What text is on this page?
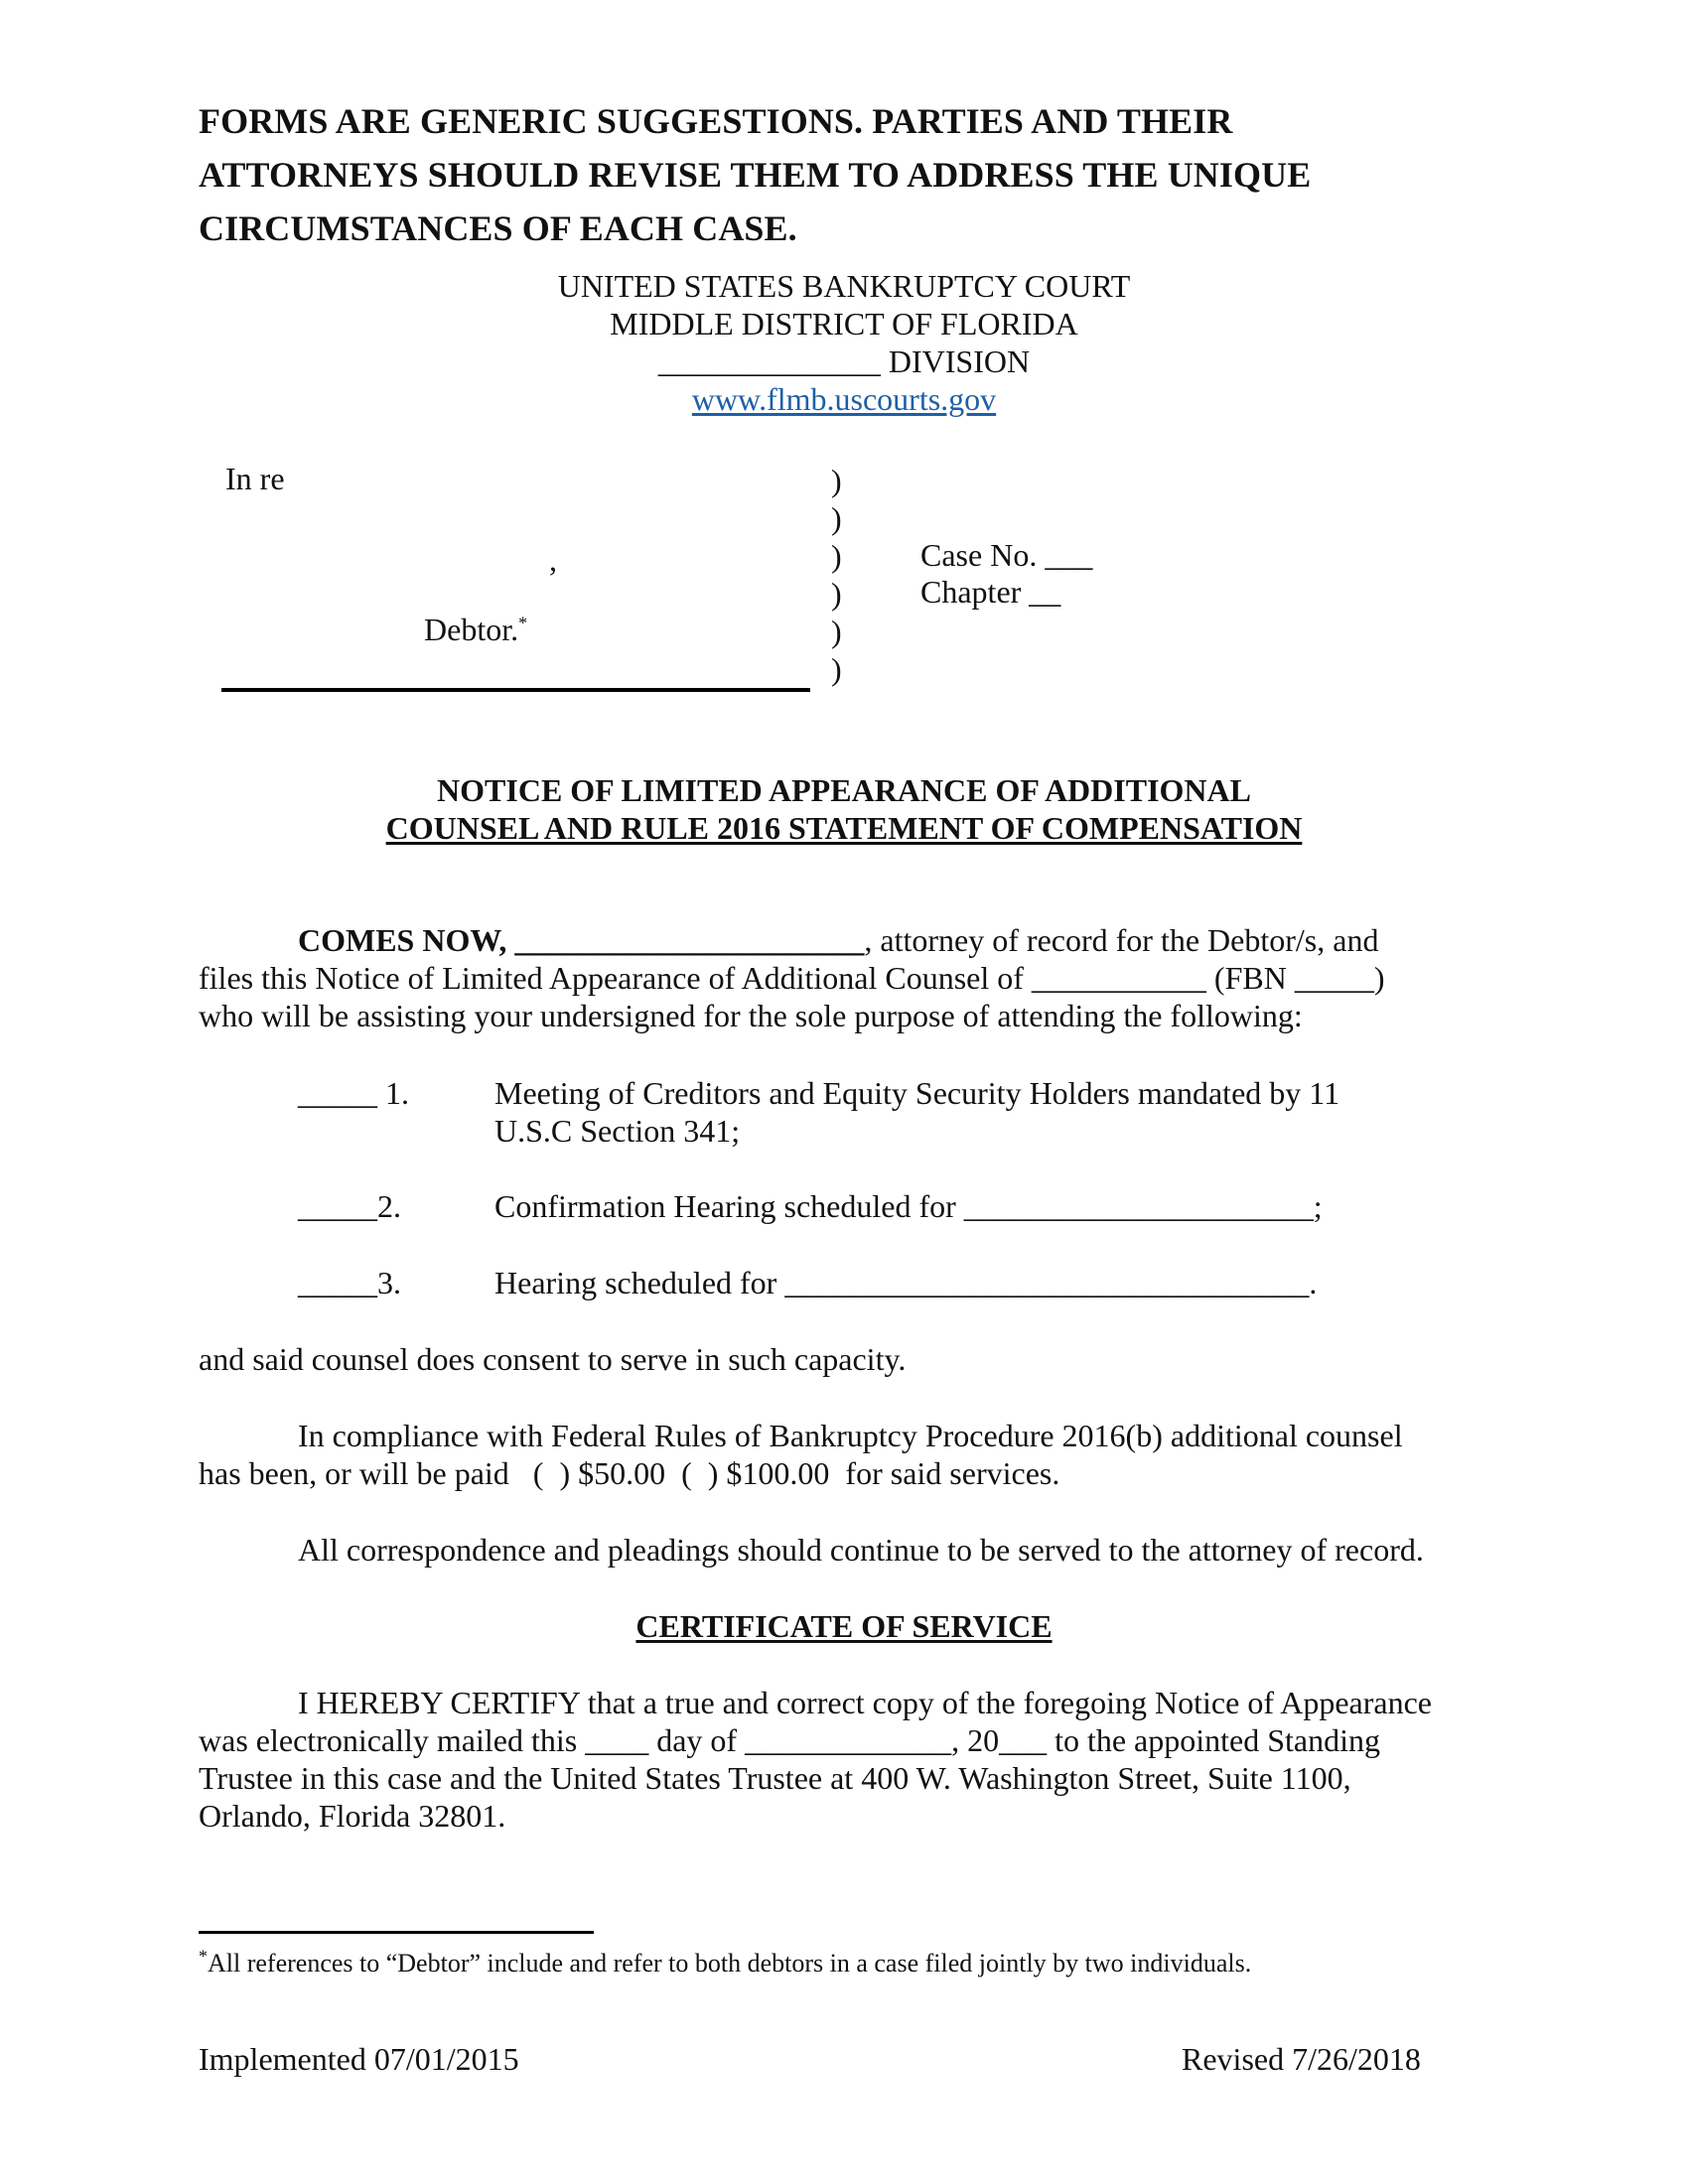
FORMS ARE GENERIC SUGGESTIONS. PARTIES AND THEIR
ATTORNEYS SHOULD REVISE THEM TO ADDRESS THE UNIQUE
CIRCUMSTANCES OF EACH CASE.
UNITED STATES BANKRUPTCY COURT
MIDDLE DISTRICT OF FLORIDA
______________ DIVISION
www.flmb.uscourts.gov
In re
,
Debtor.*
)
)
)
)
)
)
Case No. ___
Chapter __
NOTICE OF LIMITED APPEARANCE OF ADDITIONAL
COUNSEL AND RULE 2016 STATEMENT OF COMPENSATION
COMES NOW, ______________________, attorney of record for the Debtor/s, and
files this Notice of Limited Appearance of Additional Counsel of ___________ (FBN _____)
who will be assisting your undersigned for the sole purpose of attending the following:
_____ 1.	Meeting of Creditors and Equity Security Holders mandated by 11
U.S.C Section 341;
_____2.	Confirmation Hearing scheduled for ______________________;
_____3.	Hearing scheduled for _________________________________.
and said counsel does consent to serve in such capacity.
In compliance with Federal Rules of Bankruptcy Procedure 2016(b) additional counsel
has been, or will be paid   (  ) $50.00  (  ) $100.00  for said services.
All correspondence and pleadings should continue to be served to the attorney of record.
CERTIFICATE OF SERVICE
I HEREBY CERTIFY that a true and correct copy of the foregoing Notice of Appearance
was electronically mailed this ____ day of _____________, 20___ to the appointed Standing
Trustee in this case and the United States Trustee at 400 W. Washington Street, Suite 1100,
Orlando, Florida 32801.
*All references to “Debtor” include and refer to both debtors in a case filed jointly by two individuals.
Implemented 07/01/2015	Revised 7/26/2018
